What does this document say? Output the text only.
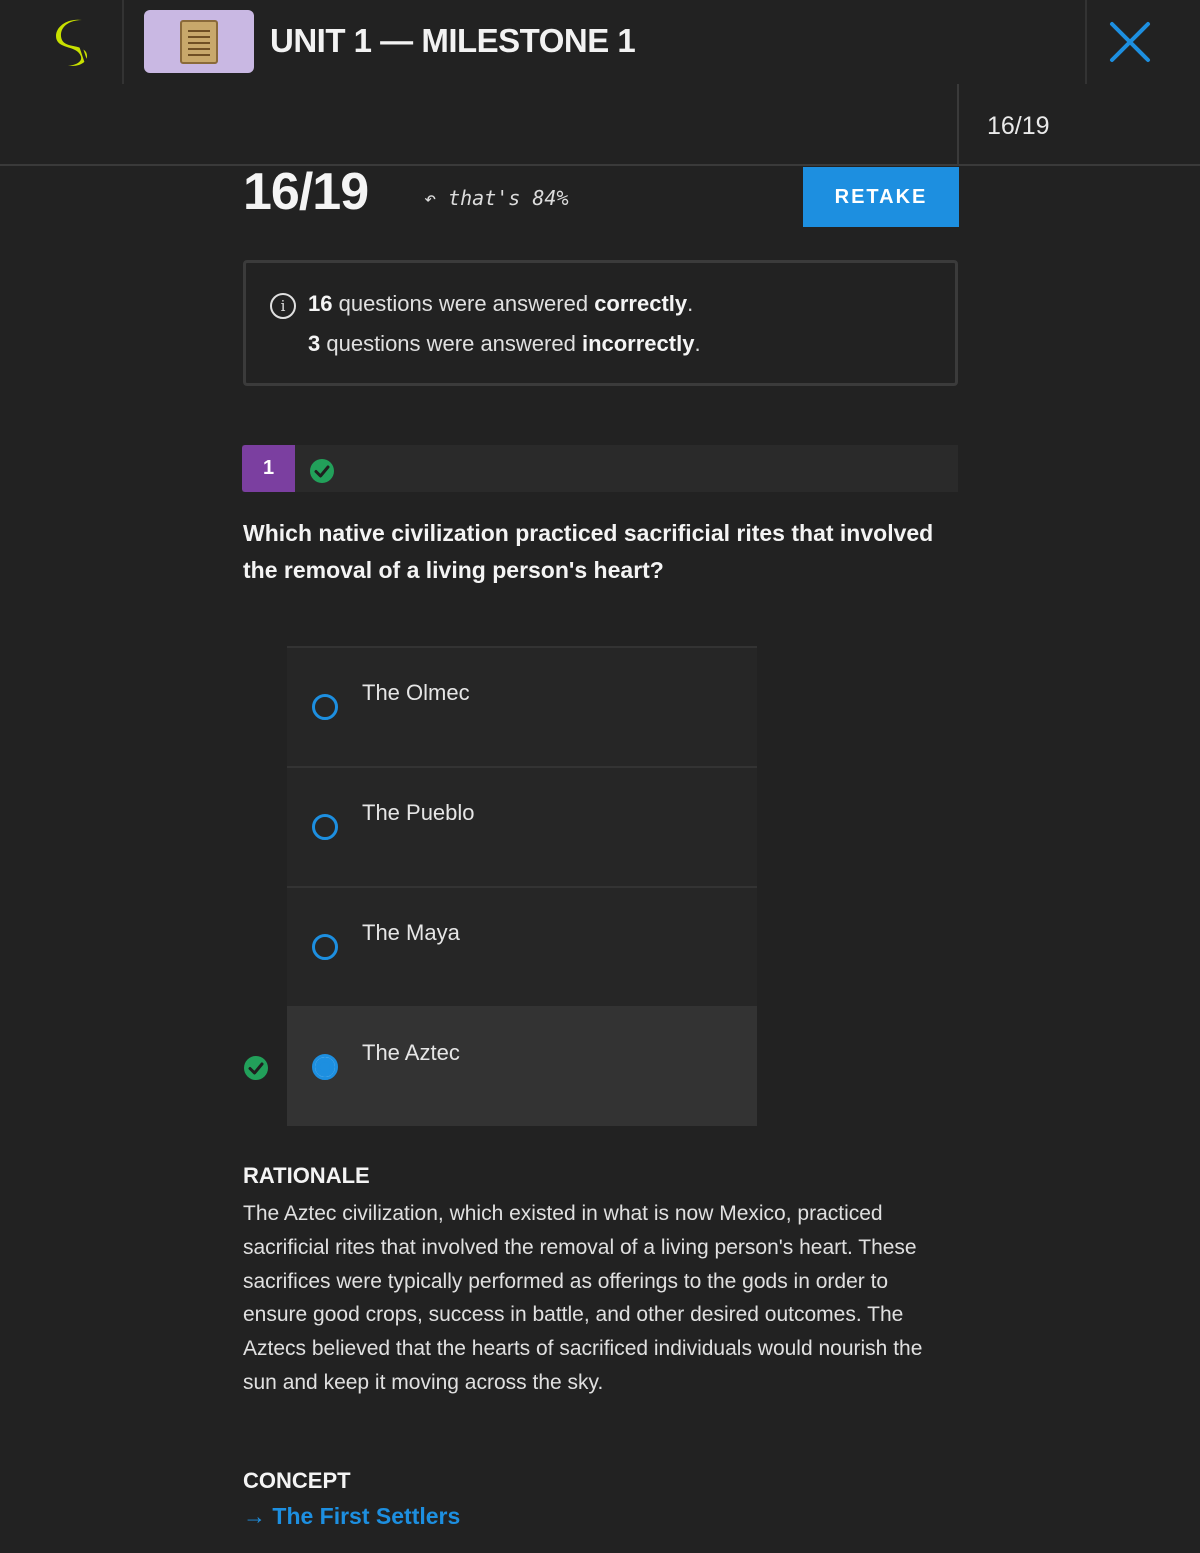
UNIT 1 — MILESTONE 1
16/19
16/19	↶ that's 84%	RETAKE
i	16 questions were answered correctly.
3 questions were answered incorrectly.
1
Which native civilization practiced sacrificial rites that involved the removal of a living person's heart?
The Olmec
The Pueblo
The Maya
The Aztec
RATIONALE
The Aztec civilization, which existed in what is now Mexico, practiced sacrificial rites that involved the removal of a living person's heart. These sacrifices were typically performed as offerings to the gods in order to ensure good crops, success in battle, and other desired outcomes. The Aztecs believed that the hearts of sacrificed individuals would nourish the sun and keep it moving across the sky.
CONCEPT
→ The First Settlers
